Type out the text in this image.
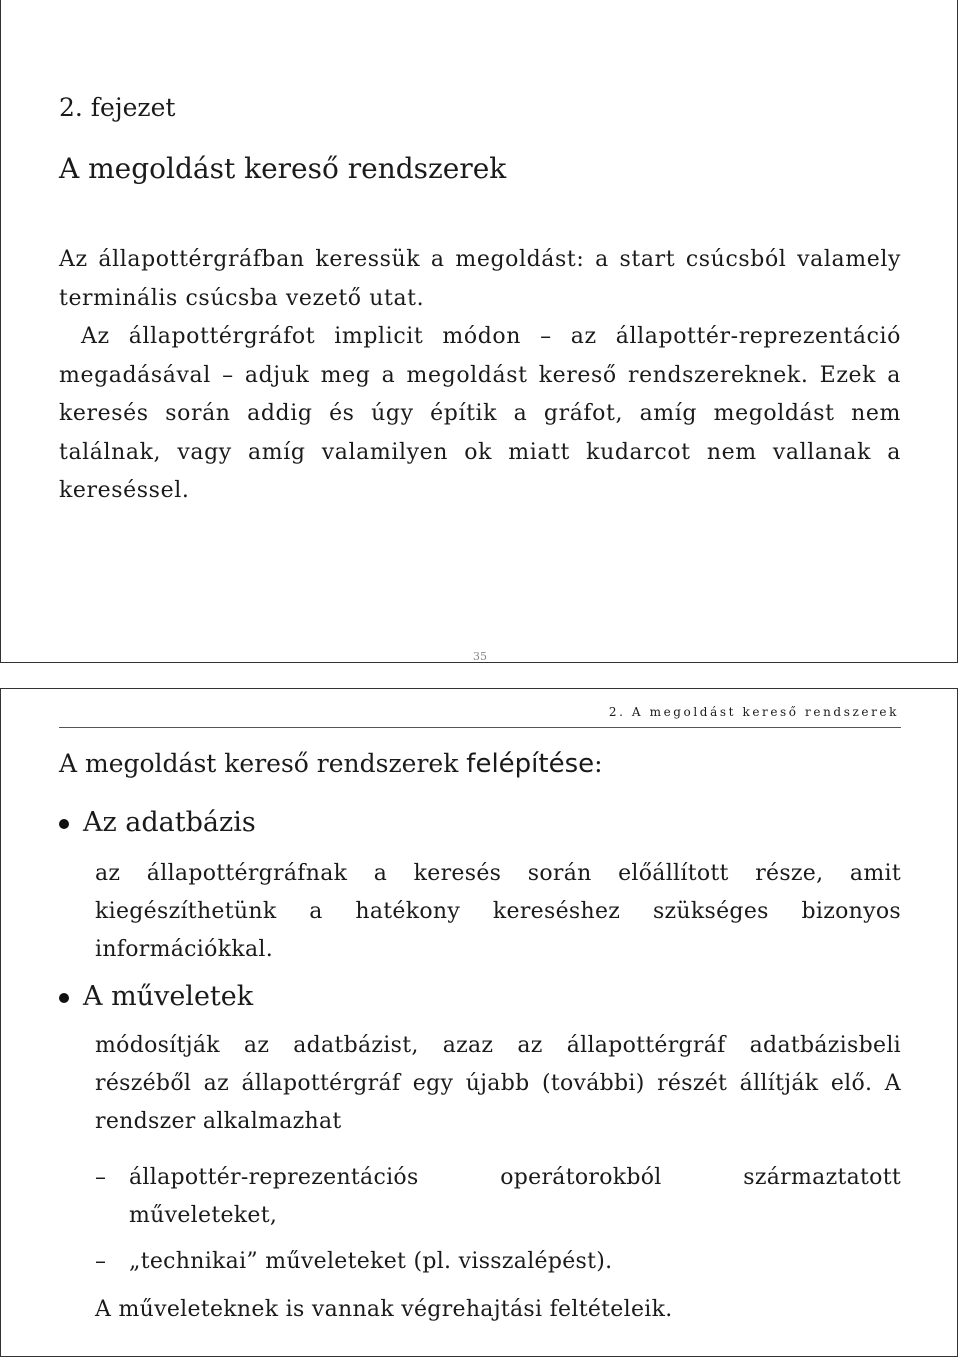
2. fejezet

A megoldást kereső rendszerek

Az állapottérgráfban keressük a megoldást: a start csúcsból valamely terminális csúcsba vezető utat.
Az állapottérgráfot implicit módon – az állapottér-reprezentáció megadásával – adjuk meg a megoldást kereső rendszereknek. Ezek a keresés során addig és úgy építik a gráfot, amíg megoldást nem találnak, vagy amíg valamilyen ok miatt kudarcot nem vallanak a kereséssel.

35
2. A megoldást kereső rendszerek

A megoldást kereső rendszerek felépítése:

Az adatbázis

az állapottérgráfnak a keresés során előállított része, amit kiegészíthetünk a hatékony kereséshez szükséges bizonyos információkkal.

A műveletek

módosítják az adatbázist, azaz az állapottérgráf adatbázisbeli részéből az állapottérgráf egy újabb (további) részét állítják elő. A rendszer alkalmazhat

–	állapottér-reprezentációs operátorokból származtatott műveleteket,
–	„technikai” műveleteket (pl. visszalépést).

A műveleteknek is vannak végrehajtási feltételeik.
